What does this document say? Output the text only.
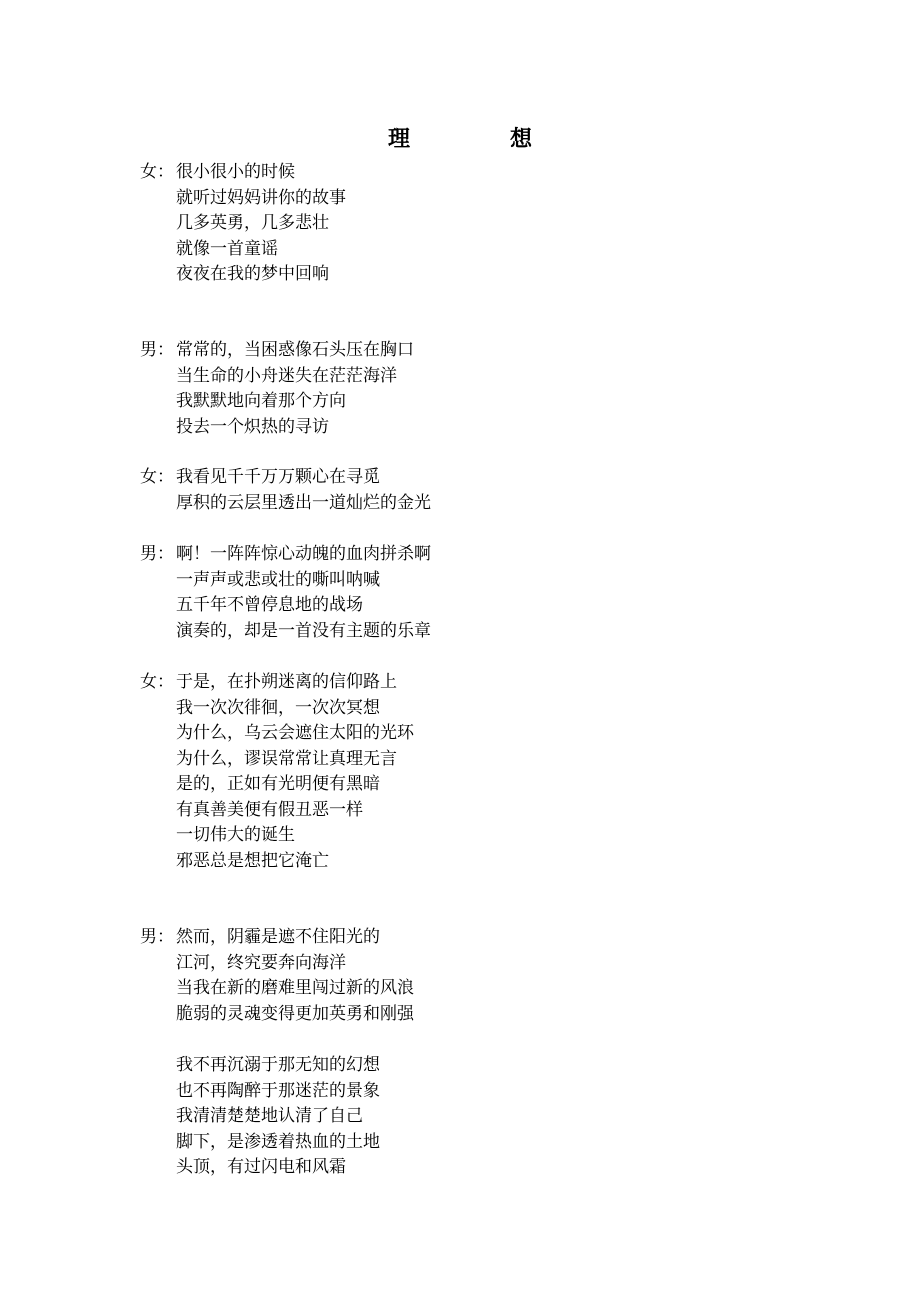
理	想
女： 很小很小的时候
就听过妈妈讲你的故事
几多英勇，几多悲壮
就像一首童谣
夜夜在我的梦中回响
男： 常常的，当困惑像石头压在胸口
当生命的小舟迷失在茫茫海洋
我默默地向着那个方向
投去一个炽热的寻访
女： 我看见千千万万颗心在寻觅
厚积的云层里透出一道灿烂的金光
男： 啊！一阵阵惊心动魄的血肉拼杀啊
一声声或悲或壮的嘶叫呐喊
五千年不曾停息地的战场
演奏的，却是一首没有主题的乐章
女： 于是，在扑朔迷离的信仰路上
我一次次徘徊，一次次冥想
为什么，乌云会遮住太阳的光环
为什么，谬误常常让真理无言
是的，正如有光明便有黑暗
有真善美便有假丑恶一样
一切伟大的诞生
邪恶总是想把它淹亡
男： 然而，阴霾是遮不住阳光的
江河，终究要奔向海洋
当我在新的磨难里闯过新的风浪
脆弱的灵魂变得更加英勇和刚强
我不再沉溺于那无知的幻想
也不再陶醉于那迷茫的景象
我清清楚楚地认清了自己
脚下，是渗透着热血的土地
头顶，有过闪电和风霜
